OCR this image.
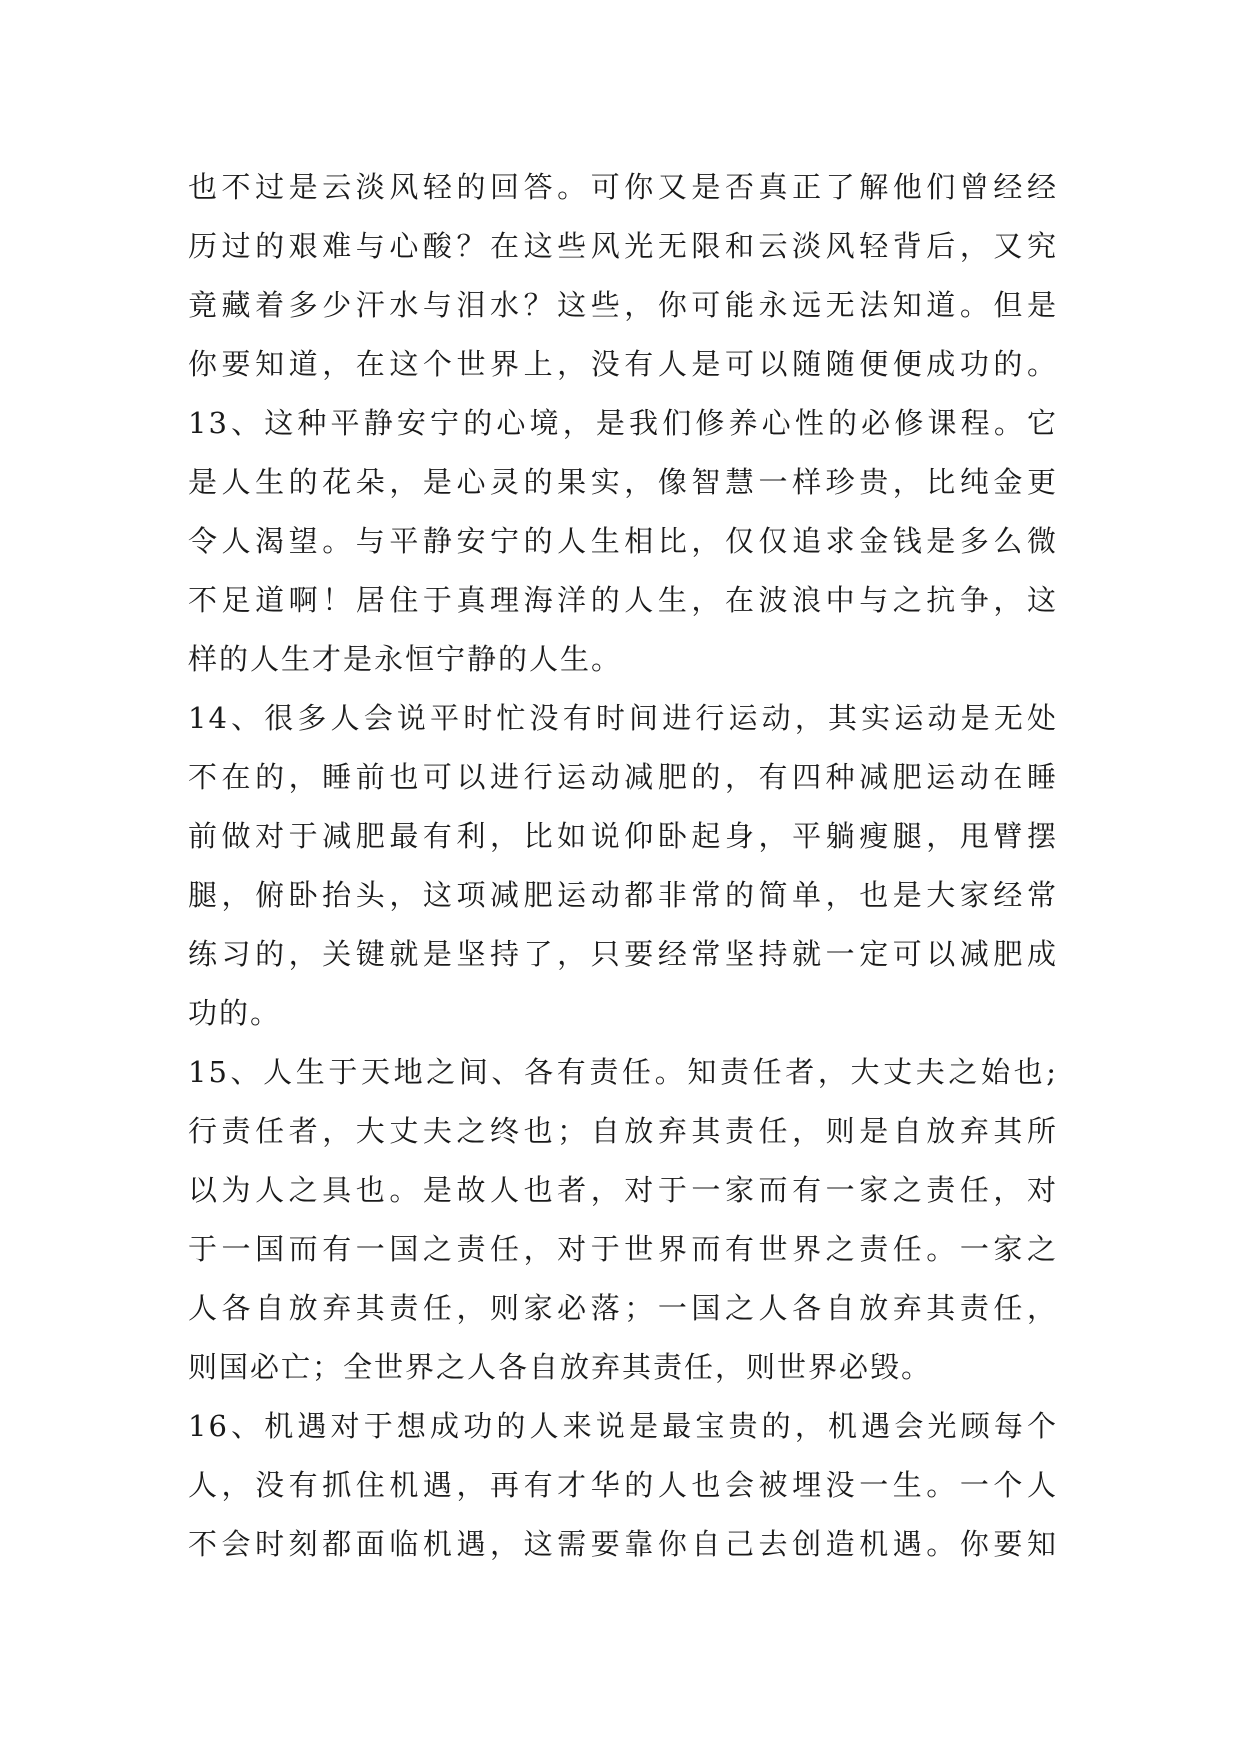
也不过是云淡风轻的回答。可你又是否真正了解他们曾经经
历过的艰难与心酸？在这些风光无限和云淡风轻背后，又究
竟藏着多少汗水与泪水？这些，你可能永远无法知道。但是
你要知道，在这个世界上，没有人是可以随随便便成功的。
13、这种平静安宁的心境，是我们修养心性的必修课程。它
是人生的花朵，是心灵的果实，像智慧一样珍贵，比纯金更
令人渴望。与平静安宁的人生相比，仅仅追求金钱是多么微
不足道啊！居住于真理海洋的人生，在波浪中与之抗争，这
样的人生才是永恒宁静的人生。
14、很多人会说平时忙没有时间进行运动，其实运动是无处
不在的，睡前也可以进行运动减肥的，有四种减肥运动在睡
前做对于减肥最有利，比如说仰卧起身，平躺瘦腿，甩臂摆
腿，俯卧抬头，这项减肥运动都非常的简单，也是大家经常
练习的，关键就是坚持了，只要经常坚持就一定可以减肥成
功的。
15、人生于天地之间、各有责任。知责任者，大丈夫之始也;
行责任者，大丈夫之终也；自放弃其责任，则是自放弃其所
以为人之具也。是故人也者，对于一家而有一家之责任，对
于一国而有一国之责任，对于世界而有世界之责任。一家之
人各自放弃其责任，则家必落；一国之人各自放弃其责任，
则国必亡；全世界之人各自放弃其责任，则世界必毁。
16、机遇对于想成功的人来说是最宝贵的，机遇会光顾每个
人，没有抓住机遇，再有才华的人也会被埋没一生。一个人
不会时刻都面临机遇，这需要靠你自己去创造机遇。你要知
